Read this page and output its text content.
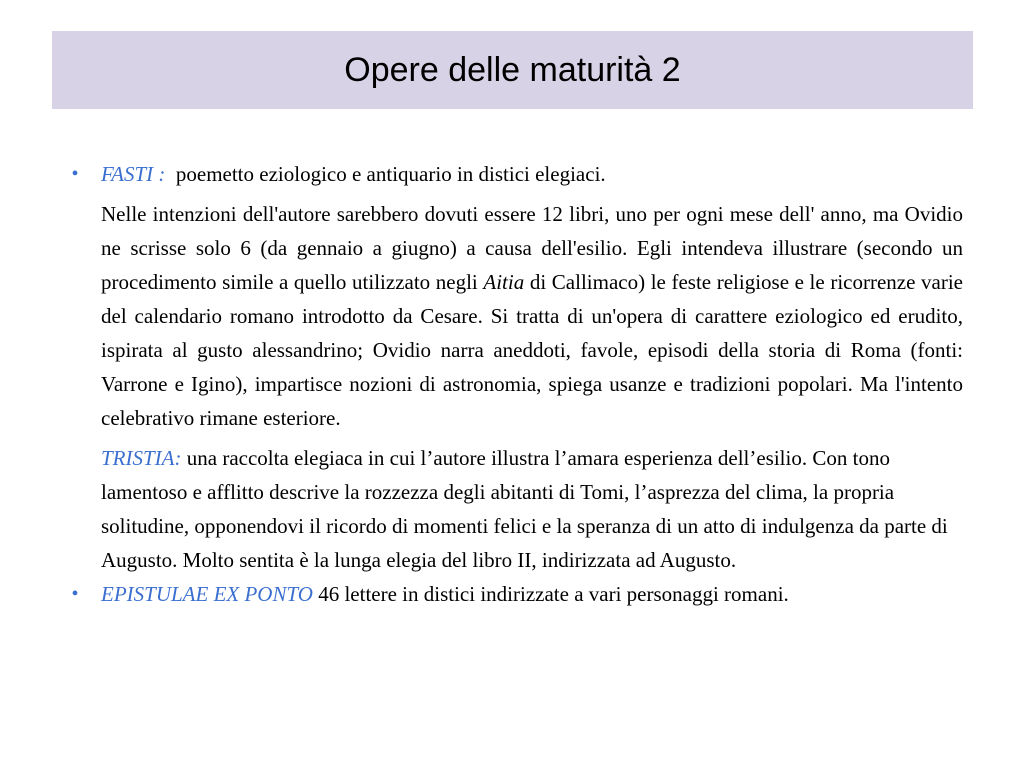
Opere delle maturità 2

•	FASTI : poemetto eziologico e antiquario in distici elegiaci.

Nelle intenzioni dell'autore sarebbero dovuti essere 12 libri, uno per ogni mese dell' anno, ma Ovidio ne scrisse solo 6 (da gennaio a giugno) a causa dell'esilio. Egli intendeva illustrare (secondo un procedimento simile a quello utilizzato negli Aitia di Callimaco) le feste religiose e le ricorrenze varie del calendario romano introdotto da Cesare. Si tratta di un'opera di carattere eziologico ed erudito, ispirata al gusto alessandrino; Ovidio narra aneddoti, favole, episodi della storia di Roma (fonti: Varrone e Igino), impartisce nozioni di astronomia, spiega usanze e tradizioni popolari. Ma l'intento celebrativo rimane esteriore.

TRISTIA: una raccolta elegiaca in cui l’autore illustra l’amara esperienza dell’esilio. Con tono lamentoso e afflitto descrive la rozzezza degli abitanti di Tomi, l’asprezza del clima, la propria solitudine, opponendovi il ricordo di momenti felici e la speranza di un atto di indulgenza da parte di Augusto. Molto sentita è la lunga elegia del libro II, indirizzata ad Augusto.

•	EPISTULAE EX PONTO 46 lettere in distici indirizzate a vari personaggi romani.
